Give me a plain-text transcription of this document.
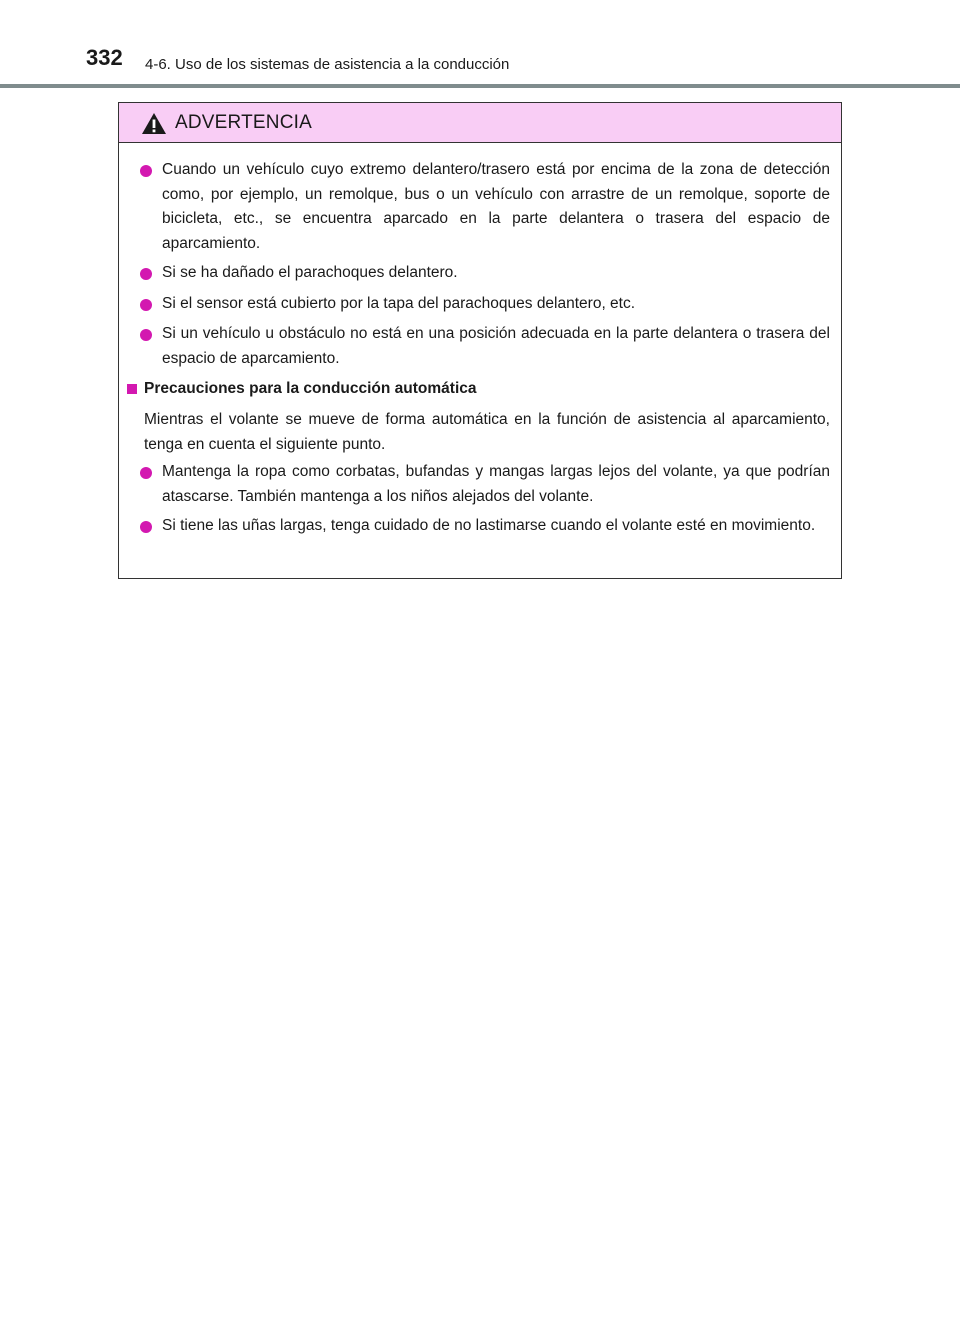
332 4-6. Uso de los sistemas de asistencia a la conducción
ADVERTENCIA
Cuando un vehículo cuyo extremo delantero/trasero está por encima de la zona de detección como, por ejemplo, un remolque, bus o un vehículo con arrastre de un remolque, soporte de bicicleta, etc., se encuentra aparcado en la parte delantera o trasera del espacio de aparcamiento.
Si se ha dañado el parachoques delantero.
Si el sensor está cubierto por la tapa del parachoques delantero, etc.
Si un vehículo u obstáculo no está en una posición adecuada en la parte delantera o trasera del espacio de aparcamiento.
Precauciones para la conducción automática
Mientras el volante se mueve de forma automática en la función de asistencia al aparcamiento, tenga en cuenta el siguiente punto.
Mantenga la ropa como corbatas, bufandas y mangas largas lejos del volante, ya que podrían atascarse. También mantenga a los niños alejados del volante.
Si tiene las uñas largas, tenga cuidado de no lastimarse cuando el volante esté en movimiento.
